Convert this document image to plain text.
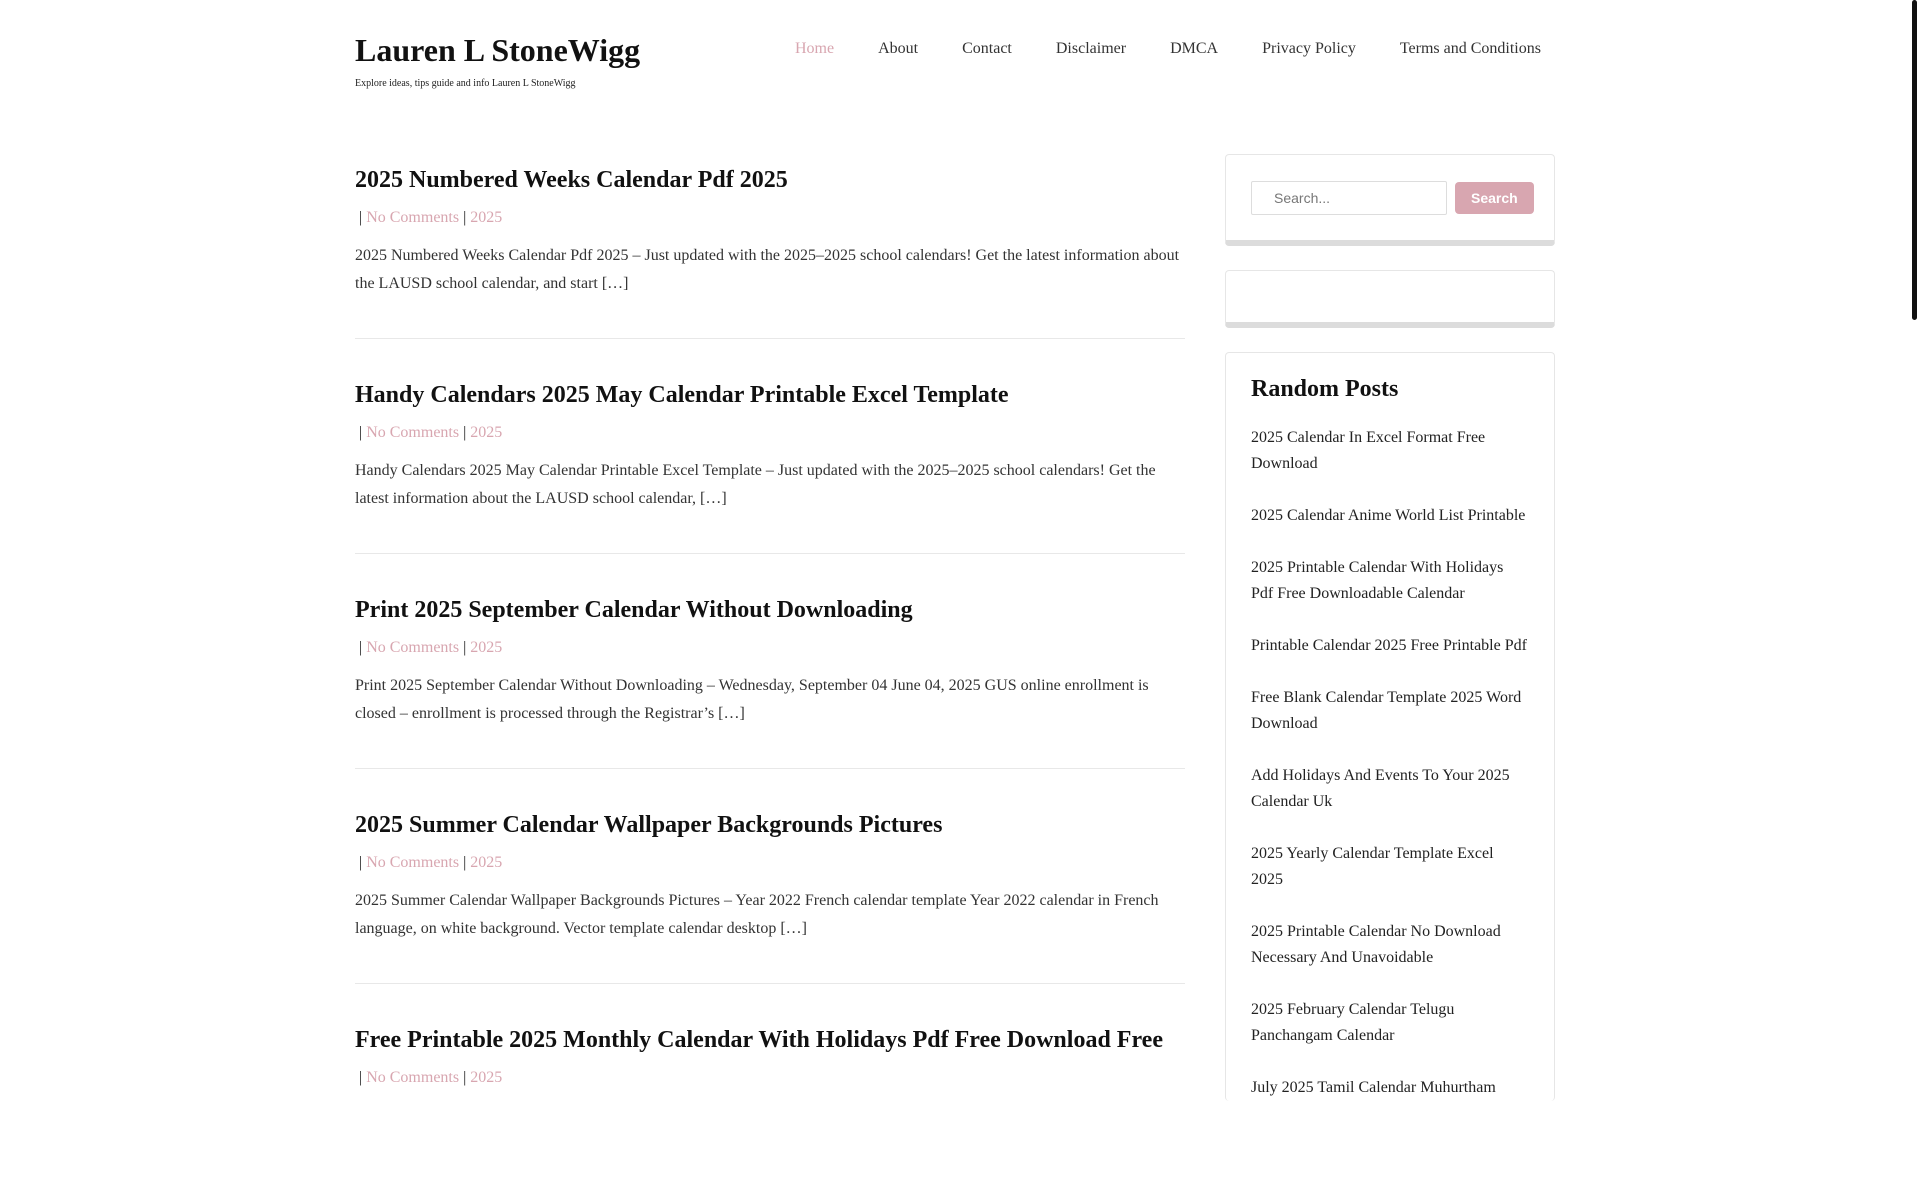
Lauren L StoneWigg

Explore ideas, tips guide and info Lauren L StoneWigg

Home	About	Contact	Disclaimer	DMCA	Privacy Policy	Terms and Conditions
2025 Numbered Weeks Calendar Pdf 2025
| No Comments | 2025

2025 Numbered Weeks Calendar Pdf 2025 – Just updated with the 2025–2025 school calendars! Get the latest information about the LAUSD school calendar, and start […]

Handy Calendars 2025 May Calendar Printable Excel Template
| No Comments | 2025

Handy Calendars 2025 May Calendar Printable Excel Template – Just updated with the 2025–2025 school calendars! Get the latest information about the LAUSD school calendar, […]

Print 2025 September Calendar Without Downloading
| No Comments | 2025

Print 2025 September Calendar Without Downloading – Wednesday, September 04 June 04, 2025 GUS online enrollment is closed – enrollment is processed through the Registrar’s […]

2025 Summer Calendar Wallpaper Backgrounds Pictures
| No Comments | 2025

2025 Summer Calendar Wallpaper Backgrounds Pictures – Year 2022 French calendar template Year 2022 calendar in French language, on white background. Vector template calendar desktop […]

Free Printable 2025 Monthly Calendar With Holidays Pdf Free Download Free
| No Comments | 2025

Search...
Search
Random Posts
2025 Calendar In Excel Format Free Download
2025 Calendar Anime World List Printable
2025 Printable Calendar With Holidays Pdf Free Downloadable Calendar
Printable Calendar 2025 Free Printable Pdf
Free Blank Calendar Template 2025 Word Download
Add Holidays And Events To Your 2025 Calendar Uk
2025 Yearly Calendar Template Excel 2025
2025 Printable Calendar No Download Necessary And Unavoidable
2025 February Calendar Telugu Panchangam Calendar
July 2025 Tamil Calendar Muhurtham
